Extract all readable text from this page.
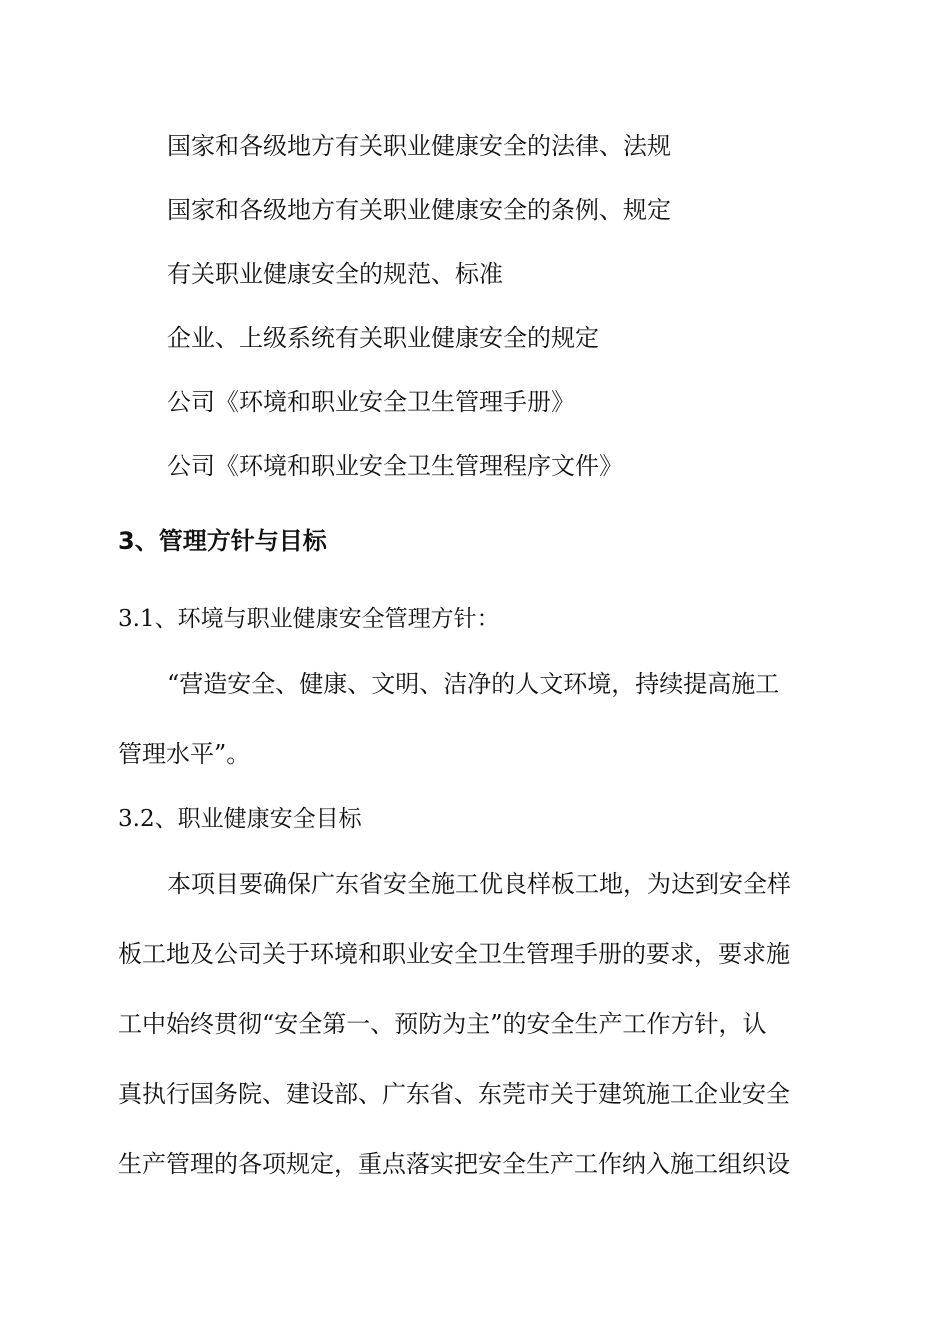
国家和各级地方有关职业健康安全的法律、法规
国家和各级地方有关职业健康安全的条例、规定
有关职业健康安全的规范、标准
企业、上级系统有关职业健康安全的规定
公司《环境和职业安全卫生管理手册》
公司《环境和职业安全卫生管理程序文件》
3、管理方针与目标
3.1、环境与职业健康安全管理方针：
“营造安全、健康、文明、洁净的人文环境，持续提高施工
管理水平”。
3.2、职业健康安全目标
本项目要确保广东省安全施工优良样板工地，为达到安全样
板工地及公司关于环境和职业安全卫生管理手册的要求，要求施
工中始终贯彻“安全第一、预防为主”的安全生产工作方针，认
真执行国务院、建设部、广东省、东莞市关于建筑施工企业安全
生产管理的各项规定，重点落实把安全生产工作纳入施工组织设
